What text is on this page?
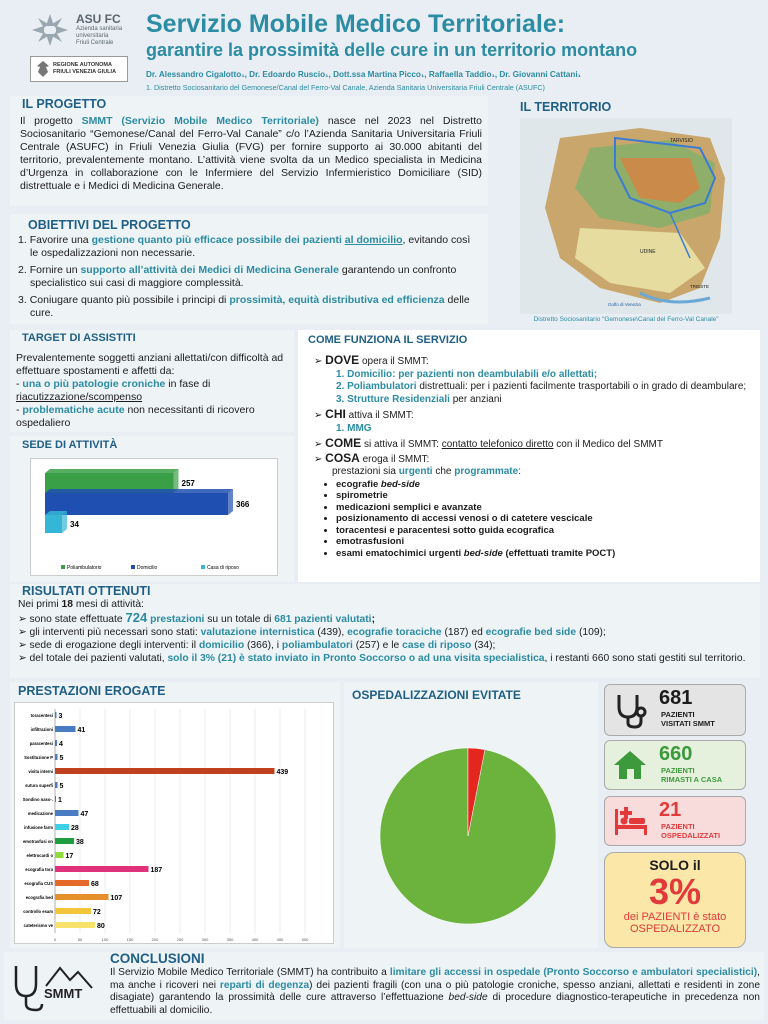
ASU FC
Azienda sanitaria
universitaria
Friuli Centrale
REGIONE AUTONOMA
FRIULI VENEZIA GIULIA
Servizio Mobile Medico Territoriale:
garantire la prossimità delle cure in un territorio montano
Dr. Alessandro Cigalotto₁, Dr. Edoardo Ruscio₁, Dott.ssa Martina Picco₁, Raffaella Taddio₁, Dr. Giovanni Cattani₁
1. Distretto Sociosanitario del Gemonese/Canal del Ferro-Val Canale, Azienda Sanitaria Universitaria Friuli Centrale (ASUFC)
IL PROGETTO
Il progetto SMMT (Servizio Mobile Medico Territoriale) nasce nel 2023 nel Distretto Sociosanitario “Gemonese/Canal del Ferro-Val Canale” c/o l’Azienda Sanitaria Universitaria Friuli Centrale (ASUFC) in Friuli Venezia Giulia (FVG) per fornire supporto ai 30.000 abitanti del territorio, prevalentemente montano. L’attività viene svolta da un Medico specialista in Medicina d’Urgenza in collaborazione con le Infermiere del Servizio Infermieristico Domiciliare (SID) distrettuale e i Medici di Medicina Generale.
IL TERRITORIO
TARVISIO
UDINE
Golfo di Venezia
TRIESTE
Distretto Sociosanitario “Gemonese\Canal del Ferro-Val Canale”
OBIETTIVI DEL PROGETTO
1. Favorire una gestione quanto più efficace possibile dei pazienti al domicilio, evitando così le ospedalizzazioni non necessarie.
2. Fornire un supporto all’attività dei Medici di Medicina Generale garantendo un confronto specialistico sui casi di maggiore complessità.
3. Coniugare quanto più possibile i principi di prossimità, equità distributiva ed efficienza delle cure.
TARGET DI ASSISTITI
Prevalentemente soggetti anziani allettati/con difficoltà ad effettuare spostamenti e affetti da:
- una o più patologie croniche in fase di riacutizzazione/scompenso
- problematiche acute non necessitanti di ricovero ospedaliero
SEDE DI ATTIVITÀ
257
366
34
Poliambulatorio	Domicilio	Casa di riposo
COME FUNZIONA IL SERVIZIO
➢ DOVE opera il SMMT:
1. Domicilio: per pazienti non deambulabili e/o allettati;
2. Poliambulatori distrettuali: per i pazienti facilmente trasportabili o in grado di deambulare;
3. Strutture Residenziali per anziani
➢ CHI attiva il SMMT:
1. MMG
➢ COME si attiva il SMMT: contatto telefonico diretto con il Medico del SMMT
➢ COSA eroga il SMMT:
prestazioni sia urgenti che programmate:
• ecografie bed-side
• spirometrie
• medicazioni semplici e avanzate
• posizionamento di accessi venosi o di catetere vescicale
• toracentesi e paracentesi sotto guida ecografica
• emotrasfusioni
• esami ematochimici urgenti bed-side (effettuati tramite POCT)
RISULTATI OTTENUTI
Nei primi 18 mesi di attività:
➢ sono state effettuate 724 prestazioni su un totale di 681 pazienti valutati;
➢ gli interventi più necessari sono stati: valutazione internistica (439), ecografie toraciche (187) ed ecografie bed side (109);
➢ sede di erogazione degli interventi: il domicilio (366), i poliambulatori (257) e le case di riposo (34);
➢ del totale dei pazienti valutati, solo il 3% (21) è stato inviato in Pronto Soccorso o ad una visita specialistica, i restanti 660 sono stati gestiti sul territorio.
PRESTAZIONI EROGATE
0	50	100	150	200	250	300	350	400	450	500
toracentesi 3
infiltrazioni	41
paracentesi 4
Sostituzione P 5
visita interni	439
sutura superfi 5
Sondino naso-. 1
medicazione	47
infusione farm	28
emotrasfusi on	38
elettrocardi o 17
ecografia tora	187
ecografia CUS	68
ecografia bed	107
controllo esam	72
cateterismo ve	80
OSPEDALIZZAZIONI EVITATE	681
PAZIENTI
VISITATI SMMT
660
PAZIENTI
RIMASTI A CASA
21
PAZIENTI
OSPEDALIZZATI
SOLO il
3%
dei PAZIENTI è stato
OSPEDALIZZATO
SMMT
CONCLUSIONI
Il Servizio Mobile Medico Territoriale (SMMT) ha contribuito a limitare gli accessi in ospedale (Pronto Soccorso e ambulatori specialistici), ma anche i ricoveri nei reparti di degenza) dei pazienti fragili (con una o più patologie croniche, spesso anziani, allettati e residenti in zone disagiate) garantendo la prossimità delle cure attraverso l’effettuazione bed-side di procedure diagnostico-terapeutiche in precedenza non effettuabili al domicilio.
